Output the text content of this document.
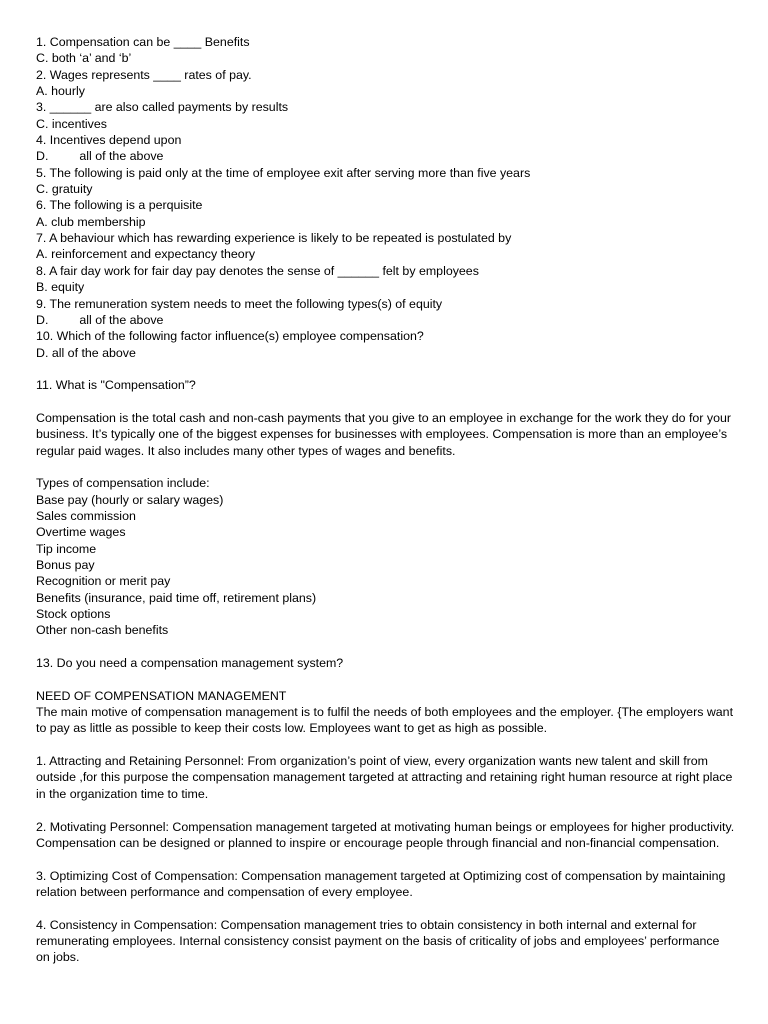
1. Compensation can be ____ Benefits
C. both ‘a’ and ‘b’
2. Wages represents ____ rates of pay.
A. hourly
3. ______ are also called payments by results
C. incentives
4. Incentives depend upon
D.         all of the above
5. The following is paid only at the time of employee exit after serving more than five years
C. gratuity
6. The following is a perquisite
A. club membership
7. A behaviour which has rewarding experience is likely to be repeated is postulated by
A. reinforcement and expectancy theory
8. A fair day work for fair day pay denotes the sense of ______ felt by employees
B. equity
9. The remuneration system needs to meet the following types(s) of equity
D.         all of the above
10. Which of the following factor influence(s) employee compensation?
D. all of the above
11. What is "Compensation”?
Compensation is the total cash and non-cash payments that you give to an employee in exchange for the work they do for your business. It’s typically one of the biggest expenses for businesses with employees. Compensation is more than an employee’s regular paid wages. It also includes many other types of wages and benefits.
Types of compensation include:
Base pay (hourly or salary wages)
Sales commission
Overtime wages
Tip income
Bonus pay
Recognition or merit pay
Benefits (insurance, paid time off, retirement plans)
Stock options
Other non-cash benefits
13. Do you need a compensation management system?
NEED OF COMPENSATION MANAGEMENT
The main motive of compensation management is to fulfil the needs of both employees and the employer. {The employers want to pay as little as possible to keep their costs low. Employees want to get as high as possible.
1. Attracting and Retaining Personnel: From organization’s point of view, every organization wants new talent and skill from outside ,for this purpose the compensation management targeted at attracting and retaining right human resource at right place in the organization time to time.
2. Motivating Personnel: Compensation management targeted at motivating human beings or employees for higher productivity. Compensation can be designed or planned to inspire or encourage people through financial and non-financial compensation.
3. Optimizing Cost of Compensation: Compensation management targeted at Optimizing cost of compensation by maintaining relation between performance and compensation of every employee.
4. Consistency in Compensation: Compensation management tries to obtain consistency in both internal and external for remunerating employees. Internal consistency consist payment on the basis of criticality of jobs and employees’ performance on jobs.
